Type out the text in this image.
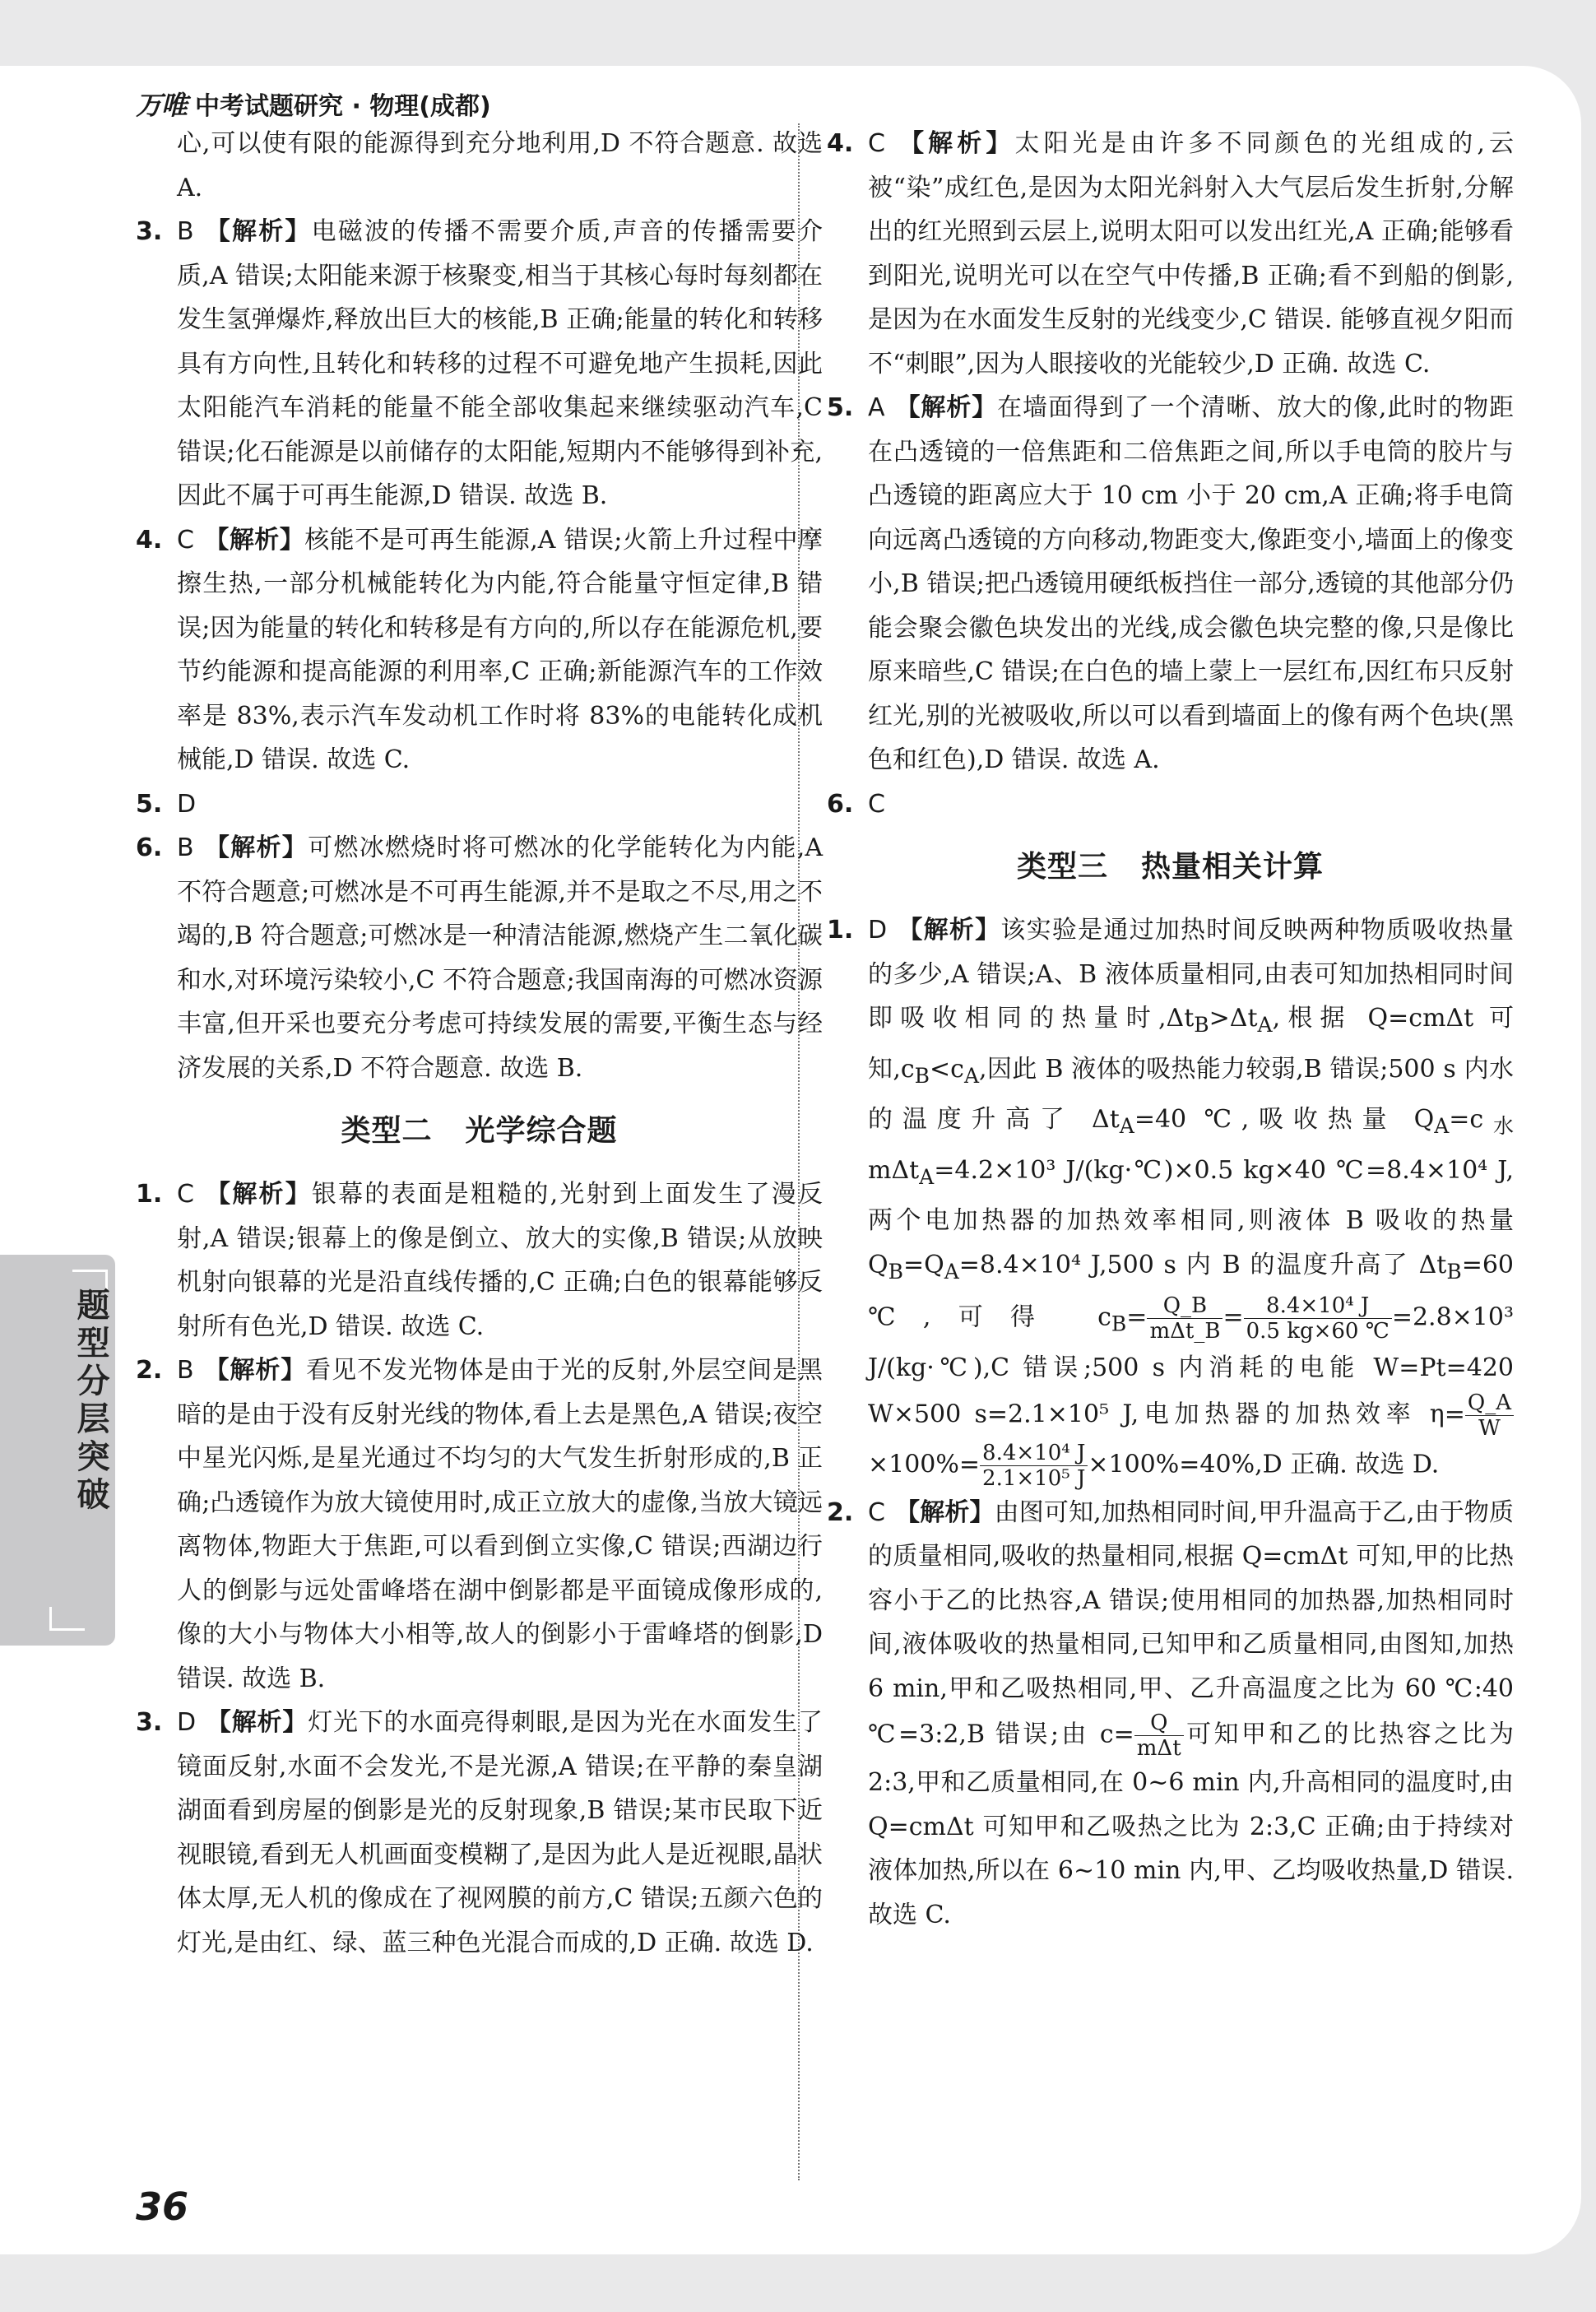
万唯 中考试题研究 · 物理(成都)
心,可以使有限的能源得到充分地利用,D 不符合题意. 故选 A.
3. B 【解析】电磁波的传播不需要介质,声音的传播需要介质,A 错误;太阳能来源于核聚变,相当于其核心每时每刻都在发生氢弹爆炸,释放出巨大的核能,B 正确;能量的转化和转移具有方向性,且转化和转移的过程不可避免地产生损耗,因此太阳能汽车消耗的能量不能全部收集起来继续驱动汽车,C 错误;化石能源是以前储存的太阳能,短期内不能够得到补充,因此不属于可再生能源,D 错误. 故选 B.
4. C 【解析】核能不是可再生能源,A 错误;火箭上升过程中摩擦生热,一部分机械能转化为内能,符合能量守恒定律,B 错误;因为能量的转化和转移是有方向的,所以存在能源危机,要节约能源和提高能源的利用率,C 正确;新能源汽车的工作效率是 83%,表示汽车发动机工作时将 83%的电能转化成机械能,D 错误. 故选 C.
5. D
6. B 【解析】可燃冰燃烧时将可燃冰的化学能转化为内能,A 不符合题意;可燃冰是不可再生能源,并不是取之不尽,用之不竭的,B 符合题意;可燃冰是一种清洁能源,燃烧产生二氧化碳和水,对环境污染较小,C 不符合题意;我国南海的可燃冰资源丰富,但开采也要充分考虑可持续发展的需要,平衡生态与经济发展的关系,D 不符合题意. 故选 B.
类型二 光学综合题
1. C 【解析】银幕的表面是粗糙的,光射到上面发生了漫反射,A 错误;银幕上的像是倒立、放大的实像,B 错误;从放映机射向银幕的光是沿直线传播的,C 正确;白色的银幕能够反射所有色光,D 错误. 故选 C.
2. B 【解析】看见不发光物体是由于光的反射,外层空间是黑暗的是由于没有反射光线的物体,看上去是黑色,A 错误;夜空中星光闪烁,是星光通过不均匀的大气发生折射形成的,B 正确;凸透镜作为放大镜使用时,成正立放大的虚像,当放大镜远离物体,物距大于焦距,可以看到倒立实像,C 错误;西湖边行人的倒影与远处雷峰塔在湖中倒影都是平面镜成像形成的,像的大小与物体大小相等,故人的倒影小于雷峰塔的倒影,D 错误. 故选 B.
3. D 【解析】灯光下的水面亮得刺眼,是因为光在水面发生了镜面反射,水面不会发光,不是光源,A 错误;在平静的秦皇湖湖面看到房屋的倒影是光的反射现象,B 错误;某市民取下近视眼镜,看到无人机画面变模糊了,是因为此人是近视眼,晶状体太厚,无人机的像成在了视网膜的前方,C 错误;五颜六色的灯光,是由红、绿、蓝三种色光混合而成的,D 正确. 故选 D.
4. C 【解析】太阳光是由许多不同颜色的光组成的,云被“染”成红色,是因为太阳光斜射入大气层后发生折射,分解出的红光照到云层上,说明太阳可以发出红光,A 正确;能够看到阳光,说明光可以在空气中传播,B 正确;看不到船的倒影,是因为在水面发生反射的光线变少,C 错误. 能够直视夕阳而不“刺眼”,因为人眼接收的光能较少,D 正确. 故选 C.
5. A 【解析】在墙面得到了一个清晰、放大的像,此时的物距在凸透镜的一倍焦距和二倍焦距之间,所以手电筒的胶片与凸透镜的距离应大于 10 cm 小于 20 cm,A 正确;将手电筒向远离凸透镜的方向移动,物距变大,像距变小,墙面上的像变小,B 错误;把凸透镜用硬纸板挡住一部分,透镜的其他部分仍能会聚会徽色块发出的光线,成会徽色块完整的像,只是像比原来暗些,C 错误;在白色的墙上蒙上一层红布,因红布只反射红光,别的光被吸收,所以可以看到墙面上的像有两个色块(黑色和红色),D 错误. 故选 A.
6. C
类型三 热量相关计算
1. D 【解析】该实验是通过加热时间反映两种物质吸收热量的多少,A 错误;A、B 液体质量相同,由表可知加热相同时间即吸收相同的热量时$,\Delta t_B>\Delta t_A$,根据 Q=cmΔt 可知$,c_B<c_A$,因此 B 液体的吸热能力较弱,B 错误;500 s 内水的温度升高了 $\Delta t_A=40$ ℃,吸收热量 $Q_A=c_水$ mΔt$_A$=4.2×10³ J/(kg·℃)×0.5 kg×40 ℃=8.4×10⁴ J,两个电加热器的加热效率相同,则液体 B 吸收的热量 $Q_B=Q_A=8.4\times 10^4$ J,500 s 内 B 的温度升高了 $\Delta t_B=60$ ℃,可得 $c_B=$ Q_B
mΔt_B = $\frac{\text{8.4×10⁴ J}}{0.5 kg\times 60 ℃} =2.8\times 10^3$ J/(kg·℃),C 错误;500 s 内消耗的电能 W=Pt=420 W×500 s=2.1×10⁵ J,电加热器的加热效率 $\eta= \frac{Q\_A}{W}$
$\times 100\%= \frac{\text{8.4×10⁴ J}}{\text{2.1×10⁵ J}} \times 100\%=40\%,D$ 正确. 故选 D.
2. C 【解析】由图可知,加热相同时间,甲升温高于乙,由于物质的质量相同,吸收的热量相同,根据 Q=cmΔt 可知,甲的比热容小于乙的比热容,A 错误;使用相同的加热器,加热相同时间,液体吸收的热量相同,已知甲和乙质量相同,由图知,加热 6 min,甲和乙吸热相同,甲、乙升高温度之比为 60 ℃:40 ℃=3:2,B 错误;由 c= Q
mΔt 可知甲和乙的比热容之比为 2:3,甲和乙质量相同,在 0~6 min 内,升高相同的温度时,由 Q=cmΔt 可知甲和乙吸热之比为 2:3,C 正确;由于持续对液体加热,所以在 6~10 min 内,甲、乙均吸收热量,D 错误. 故选 C.
题型分层突破
36
